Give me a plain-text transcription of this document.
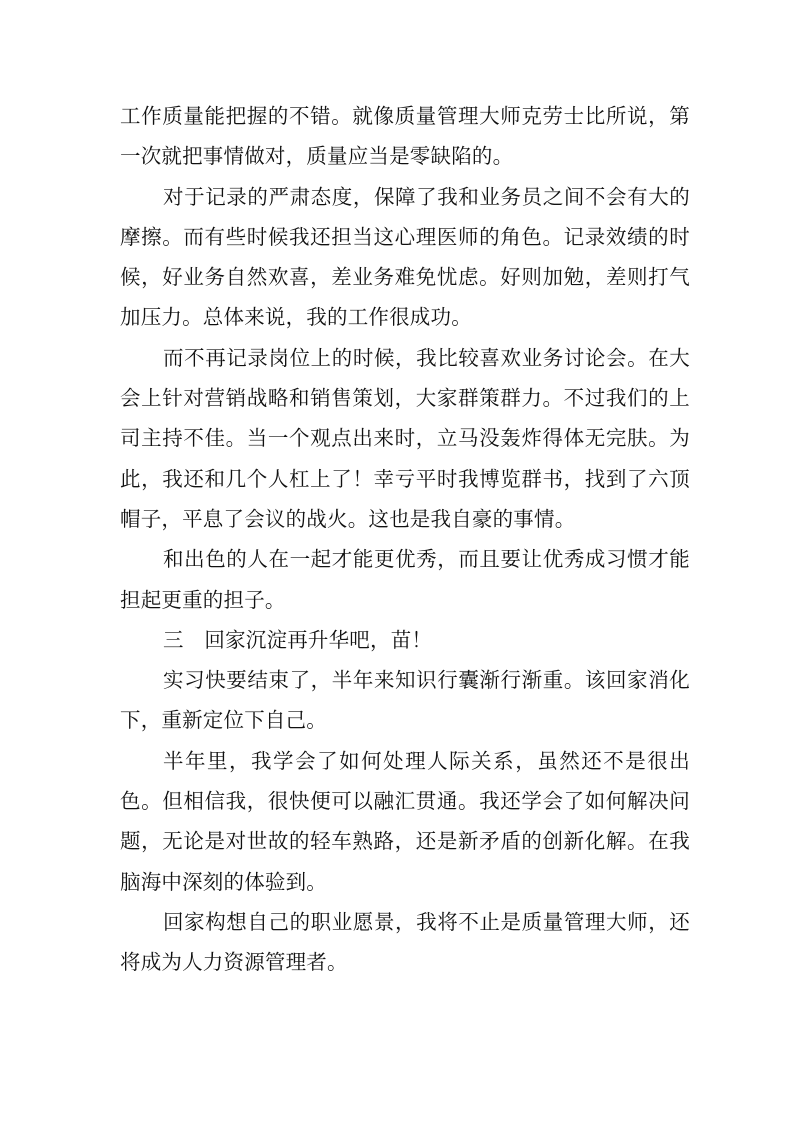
工作质量能把握的不错。就像质量管理大师克劳士比所说，第一次就把事情做对，质量应当是零缺陷的。

对于记录的严肃态度，保障了我和业务员之间不会有大的摩擦。而有些时候我还担当这心理医师的角色。记录效绩的时候，好业务自然欢喜，差业务难免忧虑。好则加勉，差则打气加压力。总体来说，我的工作很成功。

而不再记录岗位上的时候，我比较喜欢业务讨论会。在大会上针对营销战略和销售策划，大家群策群力。不过我们的上司主持不佳。当一个观点出来时，立马没轰炸得体无完肤。为此，我还和几个人杠上了！幸亏平时我博览群书，找到了六顶帽子，平息了会议的战火。这也是我自豪的事情。

和出色的人在一起才能更优秀，而且要让优秀成习惯才能担起更重的担子。

三　回家沉淀再升华吧，苗！

实习快要结束了，半年来知识行囊渐行渐重。该回家消化下，重新定位下自己。

半年里，我学会了如何处理人际关系，虽然还不是很出色。但相信我，很快便可以融汇贯通。我还学会了如何解决问题，无论是对世故的轻车熟路，还是新矛盾的创新化解。在我脑海中深刻的体验到。

回家构想自己的职业愿景，我将不止是质量管理大师，还将成为人力资源管理者。
